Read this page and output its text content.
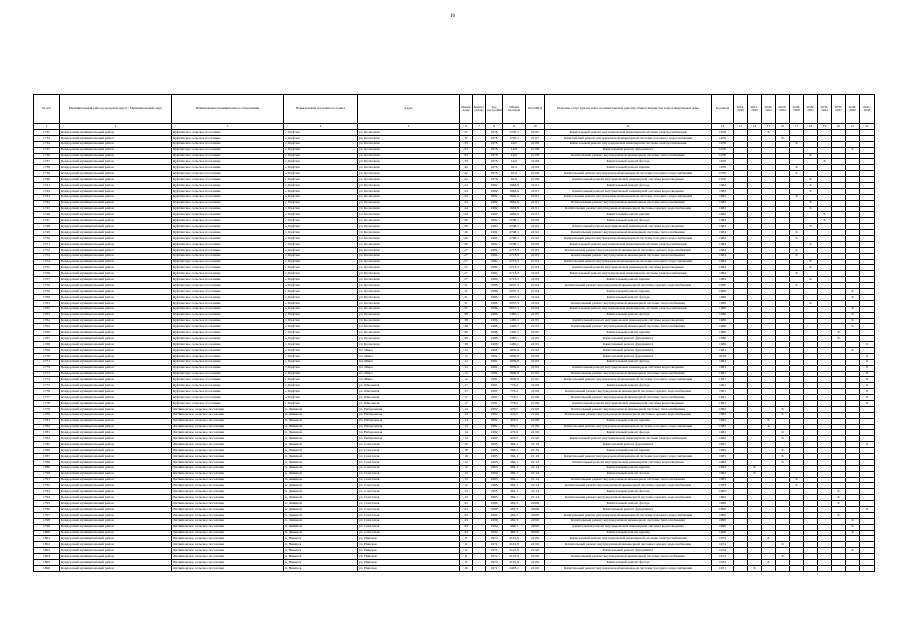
16
№ п/п	Муниципальный район (городской округ) / Муниципальный округ	Наименование муниципального образования	Наименование населенного пункта	Адрес	Номер дома	Корпус (блок)	Год постройки	Общая площадь	Код МКД	Перечень услуг и (или) работ по капитальному ремонту общего имущества в многоквартирном доме	Год ввода	2014-2016	2017-2019	2020-2022	2023-2025	2026-2028	2029-2031	2032-2034	2035-2037	2038-2040	2041-2043
1	2	3	4	5	6	7	8	9	10	11	12	13	14	15	16	17	18	19	20	21	22
1732	Ковдорский муниципальный район	Куфтинское сельское поселение	с. Куфтин	ул. Колхозная	31		1976	1705,1	21:07	Капитальный ремонт внутридомовой инженерной системы электроснабжения	1976			X							
1733	Ковдорский муниципальный район	Куфтинское сельское поселение	с. Куфтин	ул. Колхозная	31		1976	1705,1	21:07	Капитальный ремонт внутридомовой инженерной системы холодного водоснабжения	1976				X						
1734	Ковдорский муниципальный район	Куфтинское сельское поселение	с. Куфтин	ул. Колхозная	33		1978	1421	21:08	Капитальный ремонт внутридомовой инженерной системы электроснабжения	1978					X					
1735	Ковдорский муниципальный район	Куфтинское сельское поселение	с. Куфтин	ул. Колхозная	33		1978	1421	21:08	Капитальный ремонт фундамента	1978									X	
1736	Ковдорский муниципальный район	Куфтинское сельское поселение	с. Куфтин	ул. Колхозная	33		1978	1421	21:08	Капитальный ремонт внутридомовой инженерной системы теплоснабжения	1978						X				
1737	Ковдорский муниципальный район	Куфтинское сельское поселение	с. Куфтин	ул. Колхозная	33		1978	1421	21:08	Капитальный ремонт фасада	1978							X			
1738	Ковдорский муниципальный район	Куфтинское сельское поселение	с. Куфтин	ул. Колхозная	42		1976	1611	21:09	Капитальный ремонт крыши	1976					X					
1739	Ковдорский муниципальный район	Куфтинское сельское поселение	с. Куфтин	ул. Колхозная	42		1976	1611	21:09	Капитальный ремонт внутридомовой инженерной системы холодного водоснабжения	1976					X					
1740	Ковдорский муниципальный район	Куфтинское сельское поселение	с. Куфтин	ул. Колхозная	42		1976	1611	21:09	Капитальный ремонт внутридомовой инженерной системы водоотведения	1976						X				
1741	Ковдорский муниципальный район	Куфтинское сельское поселение	с. Куфтин	ул. Колхозная	24		1982	1962,9	21:01	Капитальный ремонт фасада	1982						X				
1742	Ковдорский муниципальный район	Куфтинское сельское поселение	с. Куфтин	ул. Колхозная	24		1982	1962,9	21:01	Капитальный ремонт внутридомовой инженерной системы водоотведения	1982						X				
1743	Ковдорский муниципальный район	Куфтинское сельское поселение	с. Куфтин	ул. Колхозная	24		1982	1962,9	21:01	Капитальный ремонт внутридомовой инженерной системы холодного водоснабжения	1982					X					
1744	Ковдорский муниципальный район	Куфтинское сельское поселение	с. Куфтин	ул. Колхозная	24		1982	1962,9	21:01	Капитальный ремонт внутридомовой инженерной системы теплоснабжения	1982						X				
1745	Ковдорский муниципальный район	Куфтинское сельское поселение	с. Куфтин	ул. Колхозная	24		1982	1962,9	21:01	Капитальный ремонт внутридомовой инженерной системы горячего водоснабжения	1982						X				
1746	Ковдорский муниципальный район	Куфтинское сельское поселение	с. Куфтин	ул. Колхозная	24		1982	1962,9	21:01	Капитальный ремонт крыши	1982							X			
1747	Ковдорский муниципальный район	Куфтинское сельское поселение	с. Куфтин	ул. Колхозная	26		1984	2798,1	21:02	Капитальный ремонт фасада	1984							X			
1748	Ковдорский муниципальный район	Куфтинское сельское поселение	с. Куфтин	ул. Колхозная	26		1984	2798,1	21:02	Капитальный ремонт внутридомовой инженерной системы водоотведения	1984						X				
1749	Ковдорский муниципальный район	Куфтинское сельское поселение	с. Куфтин	ул. Колхозная	26		1984	2798,1	21:02	Капитальный ремонт внутридомовой инженерной системы теплоснабжения	1984					X					
1750	Ковдорский муниципальный район	Куфтинское сельское поселение	с. Куфтин	ул. Колхозная	26		1984	2798,1	21:02	Капитальный ремонт внутридомовой инженерной системы холодного водоснабжения	1984					X					
1751	Ковдорский муниципальный район	Куфтинское сельское поселение	с. Куфтин	ул. Колхозная	26		1984	2798,1	21:02	Капитальный ремонт внутридомовой инженерной системы электроснабжения	1984						X				
1752	Ковдорский муниципальный район	Куфтинское сельское поселение	с. Куфтин	ул. Колхозная	27		1984	2713,3	21:03	Капитальный ремонт внутридомовой инженерной системы горячего водоснабжения	1984					X					
1753	Ковдорский муниципальный район	Куфтинское сельское поселение	с. Куфтин	ул. Колхозная	27		1984	2713,3	21:03	Капитальный ремонт внутридомовой инженерной системы теплоснабжения	1984					X					
1754	Ковдорский муниципальный район	Куфтинское сельское поселение	с. Куфтин	ул. Колхозная	27		1984	2713,3	21:03	Капитальный ремонт внутридомовой инженерной системы холодного водоснабжения	1984						X				
1755	Ковдорский муниципальный район	Куфтинское сельское поселение	с. Куфтин	ул. Колхозная	27		1984	2713,3	21:03	Капитальный ремонт внутридомовой инженерной системы водоотведения	1984						X				
1756	Ковдорский муниципальный район	Куфтинское сельское поселение	с. Куфтин	ул. Колхозная	27		1984	2713,3	21:03	Капитальный ремонт внутридомовой инженерной системы электроснабжения	1984					X					
1757	Ковдорский муниципальный район	Куфтинское сельское поселение	с. Куфтин	ул. Колхозная	27		1984	2713,3	21:03	Капитальный ремонт крыши	1984						X				
1758	Ковдорский муниципальный район	Куфтинское сельское поселение	с. Куфтин	ул. Колхозная	31		1986	2037,3	21:04	Капитальный ремонт внутридомовой инженерной системы горячего водоснабжения	1986					X					
1759	Ковдорский муниципальный район	Куфтинское сельское поселение	с. Куфтин	ул. Колхозная	31		1986	2037,3	21:04	Капитальный ремонт крыши	1986									X	
1760	Ковдорский муниципальный район	Куфтинское сельское поселение	с. Куфтин	ул. Колхозная	31		1986	2037,3	21:04	Капитальный ремонт фасада	1986									X	
1761	Ковдорский муниципальный район	Куфтинское сельское поселение	с. Куфтин	ул. Колхозная	31		1986	2037,3	21:04	Капитальный ремонт внутридомовой инженерной системы теплоснабжения	1986						X				
1762	Ковдорский муниципальный район	Куфтинское сельское поселение	с. Куфтин	ул. Колхозная	31		1986	2037,3	21:04	Капитальный ремонт внутридомовой инженерной системы электроснабжения	1986									X	
1763	Ковдорский муниципальный район	Куфтинское сельское поселение	с. Куфтин	ул. Колхозная	38		1986	1465,1	21:05	Капитальный ремонт фасада	1986									X	
1764	Ковдорский муниципальный район	Куфтинское сельское поселение	с. Куфтин	ул. Колхозная	38		1986	1465,1	21:05	Капитальный ремонт внутридомовой инженерной системы водоотведения	1986									X	
1765	Ковдорский муниципальный район	Куфтинское сельское поселение	с. Куфтин	ул. Колхозная	38		1986	1465,1	21:05	Капитальный ремонт внутридомовой инженерной системы теплоснабжения	1986									X	
1766	Ковдорский муниципальный район	Куфтинское сельское поселение	с. Куфтин	ул. Колхозная	38		1986	1465,1	21:05	Капитальный ремонт крыши	1986								X		
1767	Ковдорский муниципальный район	Куфтинское сельское поселение	с. Куфтин	ул. Колхозная	38		1986	1465,1	21:05	Капитальный ремонт фундамента	1986								X		
1768	Ковдорский муниципальный район	Куфтинское сельское поселение	с. Куфтин	ул. Колхозная	38		1986	1465,1	21:05	Капитальный ремонт фундамента	1986										X
1769	Ковдорский муниципальный район	Куфтинское сельское поселение	с. Куфтин	пл. Мира	1а		1981	1859,9	21:02	Капитальный ремонт фундамента	1981									X	
1770	Ковдорский муниципальный район	Куфтинское сельское поселение	с. Куфтин	пл. Мира	1а		1981	1859,9	21:02	Капитальный ремонт фундамента	2019										X
1771	Ковдорский муниципальный район	Куфтинское сельское поселение	с. Куфтин	пл. Мира	1а		1981	1859,9	21:02	Капитальный ремонт фасада	1981										X
1772	Ковдорский муниципальный район	Куфтинское сельское поселение	с. Куфтин	пл. Мира	1а		1981	1859,9	21:02	Капитальный ремонт внутридомовой инженерной системы водоотведения	1981										X
1773	Ковдорский муниципальный район	Куфтинское сельское поселение	с. Куфтин	пл. Мира	1а		1981	1859,9	21:02	Капитальный ремонт внутридомовой инженерной системы теплоснабжения	1981										X
1774	Ковдорский муниципальный район	Куфтинское сельское поселение	с. Куфтин	пл. Мира	1а		1981	1859,9	21:02	Капитальный ремонт внутридомовой инженерной системы холодного водоснабжения	1981										X
1775	Ковдорский муниципальный район	Куфтинское сельское поселение	с. Куфтин	ул. Школьная	17		1991	776,2	21:06	Капитальный ремонт фасада	1991										X
1776	Ковдорский муниципальный район	Куфтинское сельское поселение	с. Куфтин	ул. Школьная	17		1991	776,2	21:06	Капитальный ремонт внутридомовой инженерной системы горячего водоснабжения	1991										X
1777	Ковдорский муниципальный район	Куфтинское сельское поселение	с. Куфтин	ул. Школьная	17		1991	776,2	21:06	Капитальный ремонт внутридомовой инженерной системы теплоснабжения	1991										X
1778	Ковдорский муниципальный район	Куфтинское сельское поселение	с. Куфтин	ул. Школьная	17		1991	776,2	21:06	Капитальный ремонт внутридомовой инженерной системы водоотведения	1991										X
1779	Ковдорский муниципальный район	Литвиновское сельское поселение	п. Двинной	ул. Набережная	14		1982	470,5	21:06	Капитальный ремонт внутридомовой инженерной системы теплоснабжения	1982				X						
1780	Ковдорский муниципальный район	Литвиновское сельское поселение	п. Двинной	ул. Набережная	14		1982	470,5	21:06	Капитальный ремонт внутридомовой инженерной системы горячего водоснабжения	1982				X						
1781	Ковдорский муниципальный район	Литвиновское сельское поселение	п. Двинной	ул. Набережная	14		1982	470,5	21:06	Капитальный ремонт крыши	1982			X							
1782	Ковдорский муниципальный район	Литвиновское сельское поселение	п. Двинной	ул. Набережная	14		1982	470,5	21:06	Капитальный ремонт внутридомовой инженерной системы холодного водоснабжения	1982			X							
1783	Ковдорский муниципальный район	Литвиновское сельское поселение	п. Двинной	ул. Набережная	14		1982	470,5	21:06	Капитальный ремонт фасада	1982				X						
1784	Ковдорский муниципальный район	Литвиновское сельское поселение	п. Двинной	ул. Набережная	14		1982	470,5	21:06	Капитальный ремонт внутридомовой инженерной системы электроснабжения	1982				X						
1785	Ковдорский муниципальный район	Литвиновское сельское поселение	п. Двинной	ул. Советская	10		1985	364,1	21:19	Капитальный ремонт фундамента	1985										X
1786	Ковдорский муниципальный район	Литвиновское сельское поселение	п. Двинной	ул. Советская	10		1985	364,1	21:19	Капитальный ремонт крыши	1985				X						
1787	Ковдорский муниципальный район	Литвиновское сельское поселение	п. Двинной	ул. Советская	10		1985	364,1	21:19	Капитальный ремонт внутридомовой инженерной системы холодного водоснабжения	1985				X						
1788	Ковдорский муниципальный район	Литвиновское сельское поселение	п. Двинной	ул. Советская	12		1963	384,1	21:14	Капитальный ремонт внутридомовой инженерной системы водоотведения	1963				X						
1789	Ковдорский муниципальный район	Литвиновское сельское поселение	п. Двинной	ул. Советская	12		1963	384,1	21:14	Капитальный ремонт крыши	1963		X								
1790	Ковдорский муниципальный район	Литвиновское сельское поселение	п. Двинной	ул. Советская	12		1963	384,1	21:14	Капитальный ремонт фасада	1963		X								
1791	Ковдорский муниципальный район	Литвиновское сельское поселение	п. Двинной	ул. Советская	12		1963	384,1	21:14	Капитальный ремонт внутридомовой инженерной системы теплоснабжения	1963					X					
1792	Ковдорский муниципальный район	Литвиновское сельское поселение	п. Двинной	ул. Советская	12		1963	384,1	21:14	Капитальный ремонт внутридомовой инженерной системы горячего водоснабжения	1963					X					
1793	Ковдорский муниципальный район	Литвиновское сельское поселение	п. Двинной	ул. Советская	13		1965	364,1	21:14	Капитальный ремонт фасада	1965								X		
1794	Ковдорский муниципальный район	Литвиновское сельское поселение	п. Двинной	ул. Советская	13		1965	364,1	21:14	Капитальный ремонт внутридомовой инженерной системы горячего водоснабжения	1965								X		
1795	Ковдорский муниципальный район	Литвиновское сельское поселение	п. Двинной	ул. Советская	43		1990	482,3	20:06	Капитальный ремонт фасада	1990								X		
1796	Ковдорский муниципальный район	Литвиновское сельское поселение	п. Двинной	ул. Советская	43		1990	482,3	20:06	Капитальный ремонт фундамента	1990										X
1797	Ковдорский муниципальный район	Литвиновское сельское поселение	п. Двинной	ул. Советская	43		1990	482,3	20:06	Капитальный ремонт внутридомовой инженерной системы холодного водоснабжения	1990								X		
1798	Ковдорский муниципальный район	Литвиновское сельское поселение	п. Двинной	ул. Советская	43		1990	482,3	20:06	Капитальный ремонт внутридомовой инженерной системы теплоснабжения	1990									X	
1799	Ковдорский муниципальный район	Литвиновское сельское поселение	п. Двинной	ул. Советская	43		1990	482,3	20:06	Капитальный ремонт внутридомовой инженерной системы водоотведения	1990									X	
1800	Ковдорский муниципальный район	Литвиновское сельское поселение	п. Двинной	ул. Советская	43		1990	482,3	20:06	Капитальный ремонт крыши	1990									X	
1801	Ковдорский муниципальный район	Литвиновское сельское поселение	п. Нивенск	ул. Нивская	11		1974	2101,9	21:06	Капитальный ремонт внутридомовой инженерной системы электроснабжения	1974			X							
1802	Ковдорский муниципальный район	Литвиновское сельское поселение	п. Нивенск	ул. Нивская	11		1974	2101,9	21:06	Капитальный ремонт внутридомовой инженерной системы горячего водоснабжения	1974				X						
1803	Ковдорский муниципальный район	Литвиновское сельское поселение	п. Нивенск	ул. Нивская	11		1974	2101,9	21:06	Капитальный ремонт фундамента	1974									X	
1804	Ковдорский муниципальный район	Литвиновское сельское поселение	п. Нивенск	ул. Нивская	11		1974	2101,9	21:06	Капитальный ремонт внутридомовой инженерной системы теплоснабжения	1974				X						
1805	Ковдорский муниципальный район	Литвиновское сельское поселение	п. Нивенск	ул. Нивская	11		1974	2101,9	21:06	Капитальный ремонт фасада	1974			X							
1806	Ковдорский муниципальный район	Литвиновское сельское поселение	п. Нивенск	ул. Нивская	16		1971	2403,1	21:06	Капитальный ремонт внутридомовой инженерной системы холодного водоснабжения	1971		X								
